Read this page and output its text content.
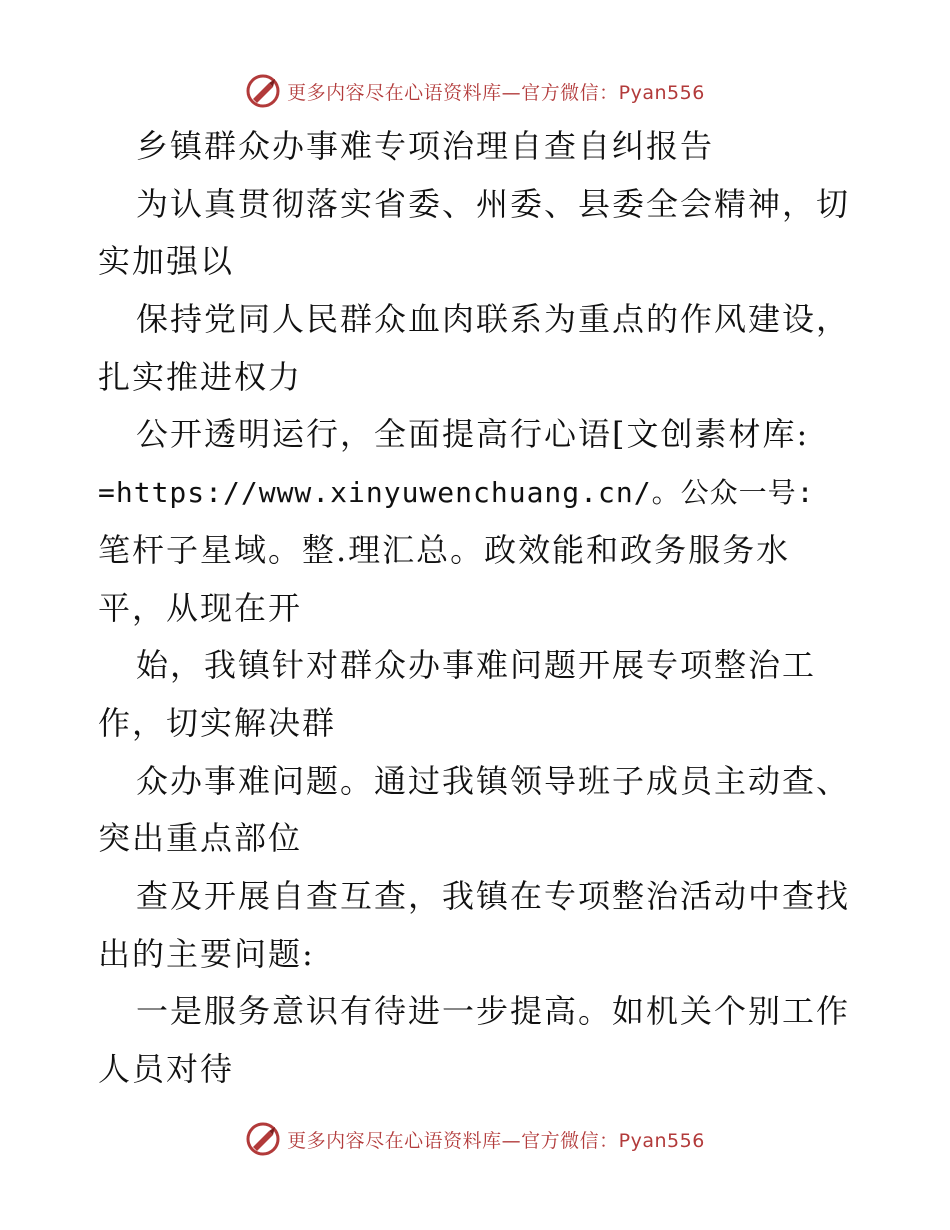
更多内容尽在心语资料库—官方微信：Pyan556
乡镇群众办事难专项治理自查自纠报告
为认真贯彻落实省委、州委、县委全会精神，切
实加强以
保持党同人民群众血肉联系为重点的作风建设，
扎实推进权力
公开透明运行，全面提高行心语[文创素材库:
=https://www.xinyuwenchuang.cn/。公众一号:
笔杆子星域。整.理汇总。政效能和政务服务水
平，从现在开
始，我镇针对群众办事难问题开展专项整治工
作，切实解决群
众办事难问题。通过我镇领导班子成员主动查、
突出重点部位
查及开展自查互查，我镇在专项整治活动中查找
出的主要问题:
一是服务意识有待进一步提高。如机关个别工作
人员对待
更多内容尽在心语资料库—官方微信：Pyan556
